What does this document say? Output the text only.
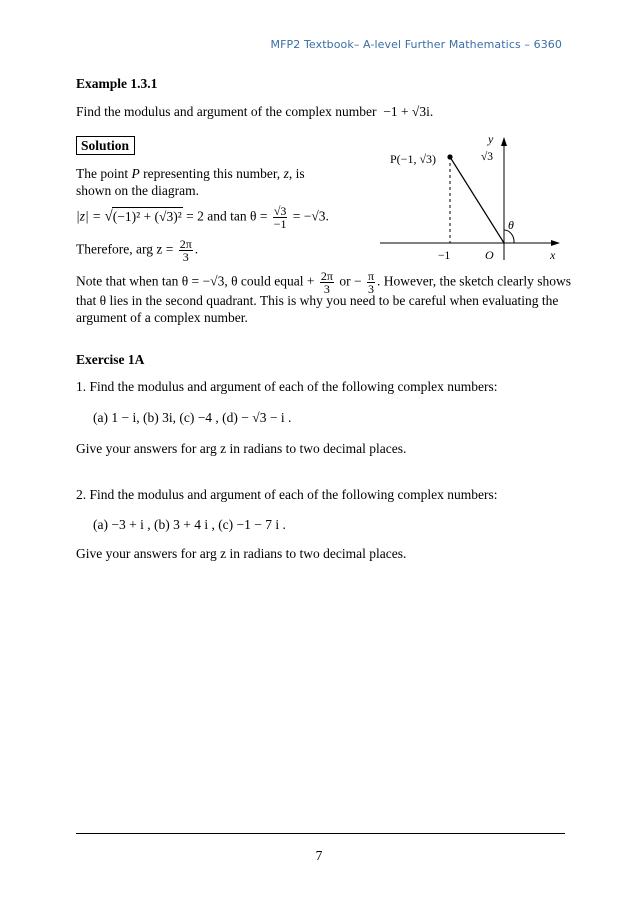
MFP2 Textbook– A-level Further Mathematics – 6360
Example 1.3.1
Find the modulus and argument of the complex number −1 + √3i.
Solution
The point P representing this number, z, is
shown on the diagram.
|z| = √(−1)² + (√3)² = 2 and $\tan \theta = \frac{√3}{-1} = -√3$.
Therefore, arg $z = \frac{2\pi}{3}$ .
y
x
P(−1, √3)	√3
−1	O
θ
Note that when tan θ = −√3, θ could equal + $\frac{2\pi}{3}$ or − $\frac{\pi}{3}$ . However, the sketch clearly shows
that θ lies in the second quadrant. This is why you need to be careful when evaluating the
argument of a complex number.
Exercise 1A
1. Find the modulus and argument of each of the following complex numbers:
(a) 1 − i, (b) 3i, (c) −4 , (d) − √3 − i .
Give your answers for arg z in radians to two decimal places.
2. Find the modulus and argument of each of the following complex numbers:
(a) −3 + i , (b) 3 + 4 i , (c) −1 − 7 i .
Give your answers for arg z in radians to two decimal places.
7
